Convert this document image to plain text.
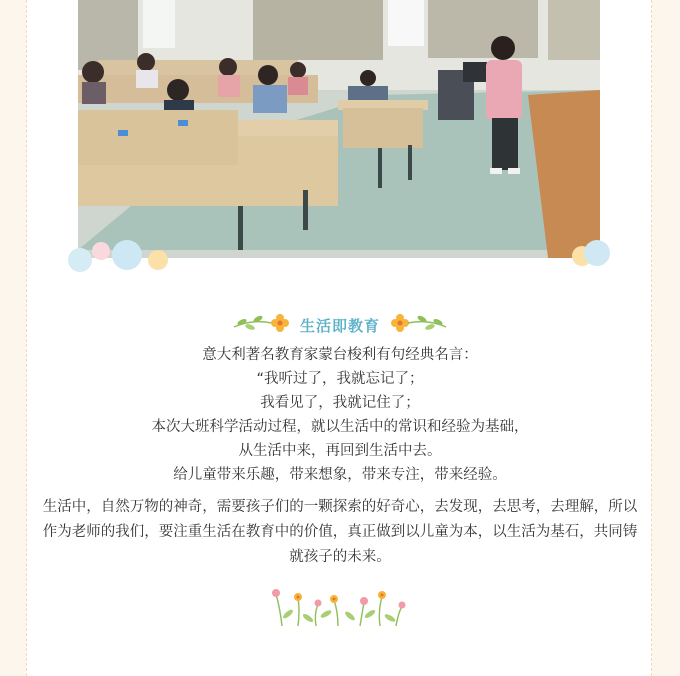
生活即教育
意大利著名教育家蒙台梭利有句经典名言：
“我听过了，我就忘记了；
我看见了，我就记住了；
本次大班科学活动过程，就以生活中的常识和经验为基础，
从生活中来，再回到生活中去。
给儿童带来乐趣，带来想象，带来专注，带来经验。
生活中，自然万物的神奇，需要孩子们的一颗探索的好奇心，去发现，去思考，去理解，所以作为老师的我们，要注重生活在教育中的价值，真正做到以儿童为本，以生活为基石，共同铸就孩子的未来。
